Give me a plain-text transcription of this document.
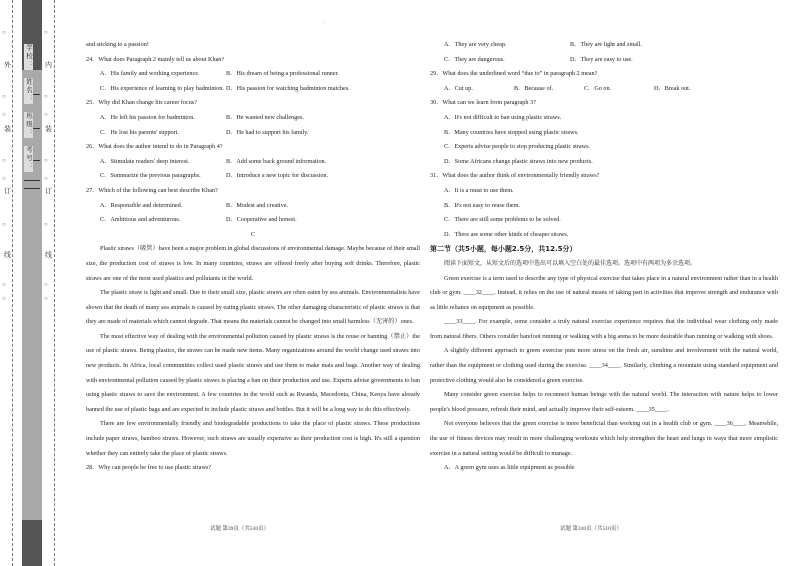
外
装
订
线
内
装
订
线
○
○
○
○
○
○
○
○
○
○
○
○
○
○
○
○
学校：
姓名：
班级：
考号：
·

and sticking to a passion!

24．What does Paragraph 2 mainly tell us about Khan?

A．His family and working experience.	B．His dream of being a professional runner.

C．His experience of learning to play badminton. D．His passion for watching badminton matches.

25．Why did Khan change his career focus?

A．He left his passion for badminton.	B．He wanted new challenges.

C．He lost his parents' support.	D．He had to support his family.

26．What does the author intend to do in Paragraph 4?

A．Stimulate readers' deep interest.	B．Add some back ground information.

C．Summarize the previous paragraphs.	D．Introduce a new topic for discussion.

27．Which of the following can best describe Khan?

A．Responsible and determined.	B．Modest and creative.

C．Ambitious and adventurous.	D．Cooperative and honest.

C

Plastic straws（吸管）have been a major problem in global discussions of environmental damage. Maybe because of their small size, the production cost of straws is low. In many countries, straws are offered freely after buying soft drinks. Therefore, plastic straws are one of the most used plastics and pollutants in the world.

The plastic straw is light and small. Due to their small size, plastic straws are often eaten by sea animals. Environmentalists have shown that the death of many sea animals is caused by eating plastic straws. The other damaging characteristic of plastic straws is that they are made of materials which cannot degrade. That means the materials cannot be changed into small harmless（无害的）ones.

The most effective way of dealing with the environmental pollution caused by plastic straws is the reuse or banning（禁止）the use of plastic straws. Being plastics, the straws can be made new items. Many organizations around the world change used straws into new products. In Africa, local communities collect used plastic straws and use them to make mats and bags. Another way of dealing with environmental pollution caused by plastic straws is placing a ban on their production and use. Experts advise governments to ban using plastic straws to save the environment. A few countries in the world such as Rwanda, Macedonia, China, Kenya have already banned the use of plastic bags and are expected to include plastic straws and bottles. But it will be a long way to do this effectively.

There are few environmentally friendly and biodegradable productions to take the place of plastic straws. These productions include paper straws, bamboo straws. However, such straws are usually expensive as their production cost is high. It's still a question whether they can entirely take the place of plastic straws.

28．Why can people be free to use plastic straws?

A．They are very cheap.	B．They are light and small.

C．They are dangerous.	D．They are easy to use.

29．What does the underlined word “due to” in paragraph 2 mean?

A．Cut up.	B．Because of.	C．Go on.	D．Break out.

30．What can we learn from paragraph 3?

A．It's not difficult to ban using plastic straws.

B．Many countries have stopped using plastic straws.

C．Experts advise people to stop producing plastic straws.

D．Some Africans change plastic straws into new products.

31．What does the author think of environmentally friendly straws?

A．It is a must to use them.

B．It's not easy to reuse them.

C．There are still some problems to be solved.

D．There are some other kinds of cheaper straws.

第二节（共5小题，每小题2.5分，共12.5分）

阅读下面短文，从短文后的选项中选出可以填入空白处的最佳选项。选项中有两项为多余选项。

Green exercise is a term used to describe any type of physical exercise that takes place in a natural environment rather than in a health club or gym. ____32____. Instead, it relies on the use of natural means of taking part in activities that improve strength and endurance with as little reliance on equipment as possible.

____33____. For example, some consider a truly natural exercise experience requires that the individual wear clothing only made from natural fibers. Others consider barefoot running or walking with a big arena to be more desirable than running or walking with shoes.

A slightly different approach to green exercise puts more stress on the fresh air, sunshine and involvement with the natural world, rather than the equipment or clothing used during the exercise. ____34____. Similarly, climbing a mountain using standard equipment and protective clothing would also be considered a green exercise.

Many consider green exercise helps to reconnect human beings with the natural world. The interaction with nature helps to lower people's blood pressure, refresh their mind, and actually improve their self-esteem. ____35____.

Not everyone believes that the green exercise is more beneficial than working out in a health club or gym. ____36____. Meanwhile, the use of fitness devices may result in more challenging workouts which help strengthen the heart and lungs in ways that more simplistic exercise in a natural setting would be difficult to manage.

A．A green gym uses as little equipment as possible

试题 第39页（共510页）	试题 第310页（共510页）
